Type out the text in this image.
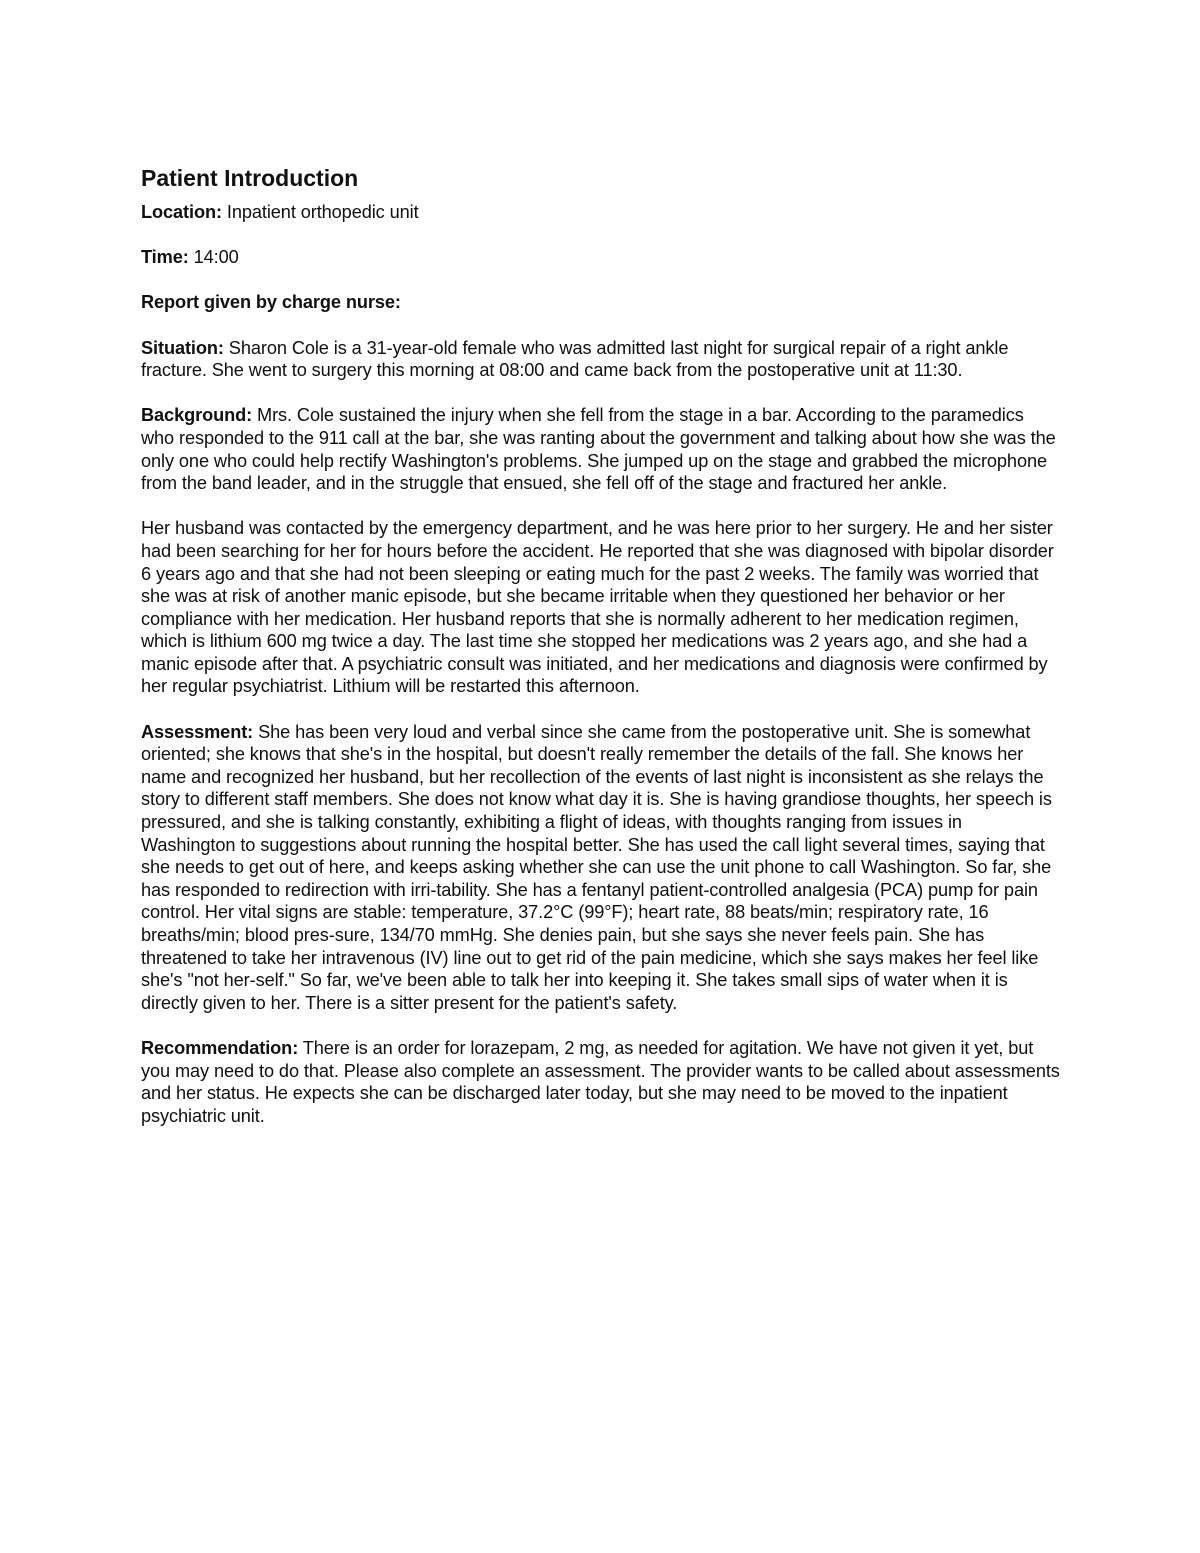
Patient Introduction

Location: Inpatient orthopedic unit

Time: 14:00

Report given by charge nurse:

Situation: Sharon Cole is a 31-year-old female who was admitted last night for surgical repair of a right ankle fracture. She went to surgery this morning at 08:00 and came back from the postoperative unit at 11:30.

Background: Mrs. Cole sustained the injury when she fell from the stage in a bar. According to the paramedics who responded to the 911 call at the bar, she was ranting about the government and talking about how she was the only one who could help rectify Washington's problems. She jumped up on the stage and grabbed the microphone from the band leader, and in the struggle that ensued, she fell off of the stage and fractured her ankle.

Her husband was contacted by the emergency department, and he was here prior to her surgery. He and her sister had been searching for her for hours before the accident. He reported that she was diagnosed with bipolar disorder 6 years ago and that she had not been sleeping or eating much for the past 2 weeks. The family was worried that she was at risk of another manic episode, but she became irritable when they questioned her behavior or her compliance with her medication. Her husband reports that she is normally adherent to her medication regimen, which is lithium 600 mg twice a day. The last time she stopped her medications was 2 years ago, and she had a manic episode after that. A psychiatric consult was initiated, and her medications and diagnosis were confirmed by her regular psychiatrist. Lithium will be restarted this afternoon.

Assessment: She has been very loud and verbal since she came from the postoperative unit. She is somewhat oriented; she knows that she's in the hospital, but doesn't really remember the details of the fall. She knows her name and recognized her husband, but her recollection of the events of last night is inconsistent as she relays the story to different staff members. She does not know what day it is. She is having grandiose thoughts, her speech is pressured, and she is talking constantly, exhibiting a flight of ideas, with thoughts ranging from issues in Washington to suggestions about running the hospital better. She has used the call light several times, saying that she needs to get out of here, and keeps asking whether she can use the unit phone to call Washington. So far, she has responded to redirection with irri-tability. She has a fentanyl patient-controlled analgesia (PCA) pump for pain control. Her vital signs are stable: temperature, 37.2°C (99°F); heart rate, 88 beats/min; respiratory rate, 16 breaths/min; blood pres-sure, 134/70 mmHg. She denies pain, but she says she never feels pain. She has threatened to take her intravenous (IV) line out to get rid of the pain medicine, which she says makes her feel like she's "not her-self." So far, we've been able to talk her into keeping it. She takes small sips of water when it is directly given to her. There is a sitter present for the patient's safety.

Recommendation: There is an order for lorazepam, 2 mg, as needed for agitation. We have not given it yet, but you may need to do that. Please also complete an assessment. The provider wants to be called about assessments and her status. He expects she can be discharged later today, but she may need to be moved to the inpatient psychiatric unit.
